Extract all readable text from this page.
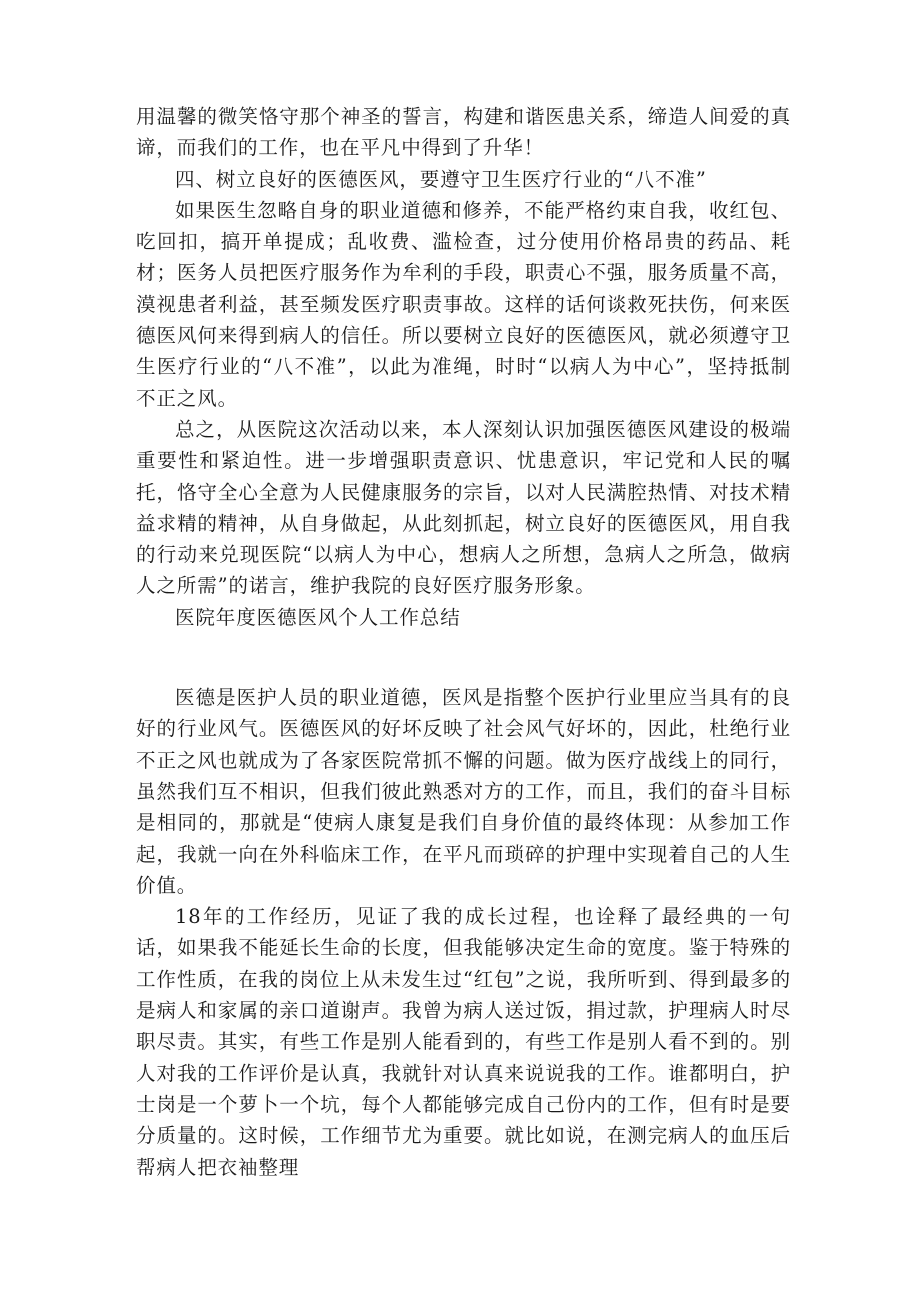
用温馨的微笑恪守那个神圣的誓言，构建和谐医患关系，缔造人间爱的真谛，而我们的工作，也在平凡中得到了升华！

四、树立良好的医德医风，要遵守卫生医疗行业的“八不准”

如果医生忽略自身的职业道德和修养，不能严格约束自我，收红包、吃回扣，搞开单提成；乱收费、滥检查，过分使用价格昂贵的药品、耗材；医务人员把医疗服务作为牟利的手段，职责心不强，服务质量不高，漠视患者利益，甚至频发医疗职责事故。这样的话何谈救死扶伤，何来医德医风何来得到病人的信任。所以要树立良好的医德医风，就必须遵守卫生医疗行业的“八不准”，以此为准绳，时时“以病人为中心”，坚持抵制不正之风。

总之，从医院这次活动以来，本人深刻认识加强医德医风建设的极端重要性和紧迫性。进一步增强职责意识、忧患意识，牢记党和人民的嘱托，恪守全心全意为人民健康服务的宗旨，以对人民满腔热情、对技术精益求精的精神，从自身做起，从此刻抓起，树立良好的医德医风，用自我的行动来兑现医院“以病人为中心，想病人之所想，急病人之所急，做病人之所需”的诺言，维护我院的良好医疗服务形象。

医院年度医德医风个人工作总结

医德是医护人员的职业道德，医风是指整个医护行业里应当具有的良好的行业风气。医德医风的好坏反映了社会风气好坏的，因此，杜绝行业不正之风也就成为了各家医院常抓不懈的问题。做为医疗战线上的同行，虽然我们互不相识，但我们彼此熟悉对方的工作，而且，我们的奋斗目标是相同的，那就是“使病人康复是我们自身价值的最终体现：从参加工作起，我就一向在外科临床工作，在平凡而琐碎的护理中实现着自己的人生价值。

18年的工作经历，见证了我的成长过程，也诠释了最经典的一句话，如果我不能延长生命的长度，但我能够决定生命的宽度。鉴于特殊的工作性质，在我的岗位上从未发生过“红包”之说，我所听到、得到最多的是病人和家属的亲口道谢声。我曾为病人送过饭，捐过款，护理病人时尽职尽责。其实，有些工作是别人能看到的，有些工作是别人看不到的。别人对我的工作评价是认真，我就针对认真来说说我的工作。谁都明白，护士岗是一个萝卜一个坑，每个人都能够完成自己份内的工作，但有时是要分质量的。这时候，工作细节尤为重要。就比如说，在测完病人的血压后帮病人把衣袖整理
